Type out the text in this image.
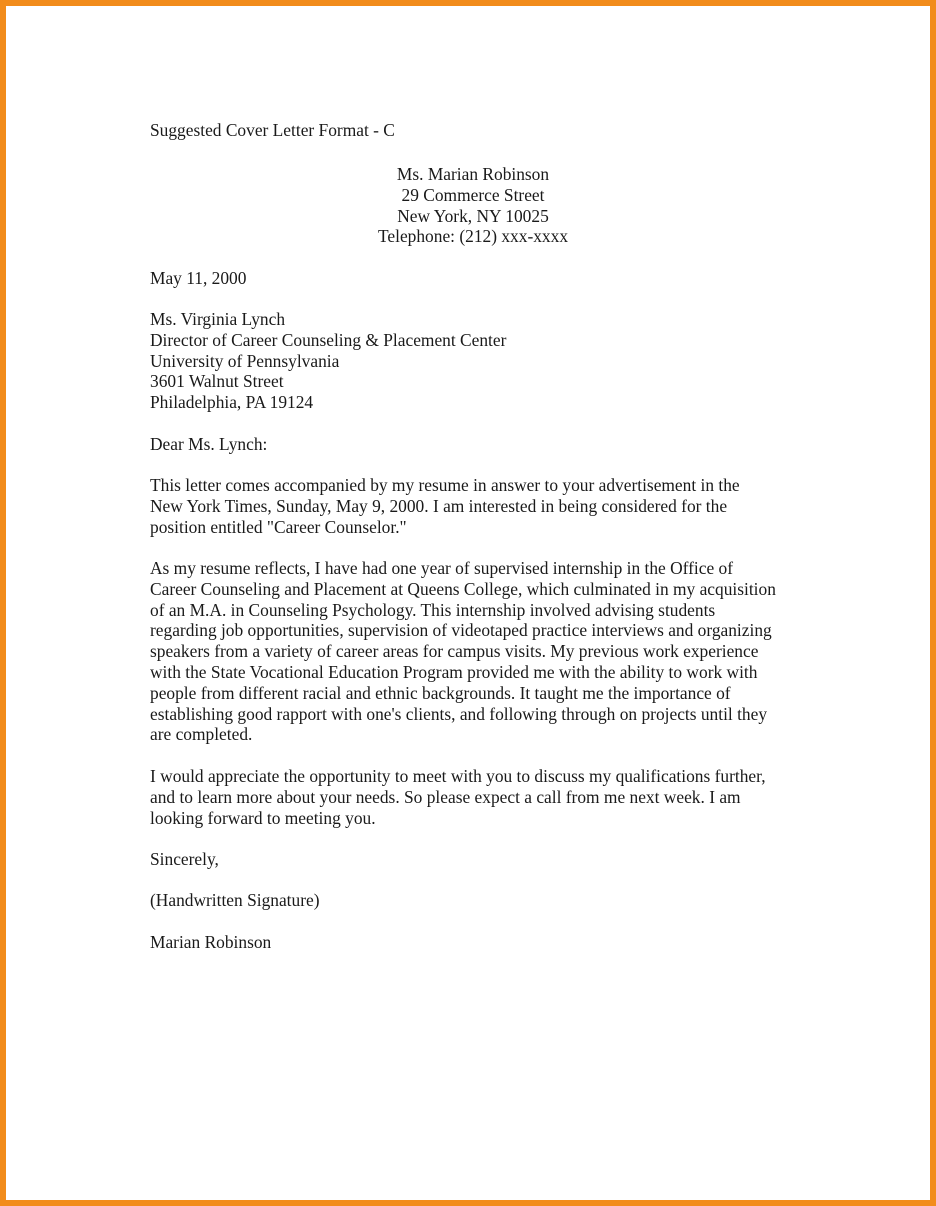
Suggested Cover Letter Format - C
Ms. Marian Robinson
29 Commerce Street
New York, NY 10025
Telephone: (212) xxx-xxxx
May 11, 2000
Ms. Virginia Lynch
Director of Career Counseling & Placement Center
University of Pennsylvania
3601 Walnut Street
Philadelphia, PA 19124
Dear Ms. Lynch:
This letter comes accompanied by my resume in answer to your advertisement in the
New York Times, Sunday, May 9, 2000. I am interested in being considered for the
position entitled "Career Counselor."
As my resume reflects, I have had one year of supervised internship in the Office of
Career Counseling and Placement at Queens College, which culminated in my acquisition
of an M.A. in Counseling Psychology. This internship involved advising students
regarding job opportunities, supervision of videotaped practice interviews and organizing
speakers from a variety of career areas for campus visits. My previous work experience
with the State Vocational Education Program provided me with the ability to work with
people from different racial and ethnic backgrounds. It taught me the importance of
establishing good rapport with one's clients, and following through on projects until they
are completed.
I would appreciate the opportunity to meet with you to discuss my qualifications further,
and to learn more about your needs. So please expect a call from me next week. I am
looking forward to meeting you.
Sincerely,
(Handwritten Signature)
Marian Robinson
